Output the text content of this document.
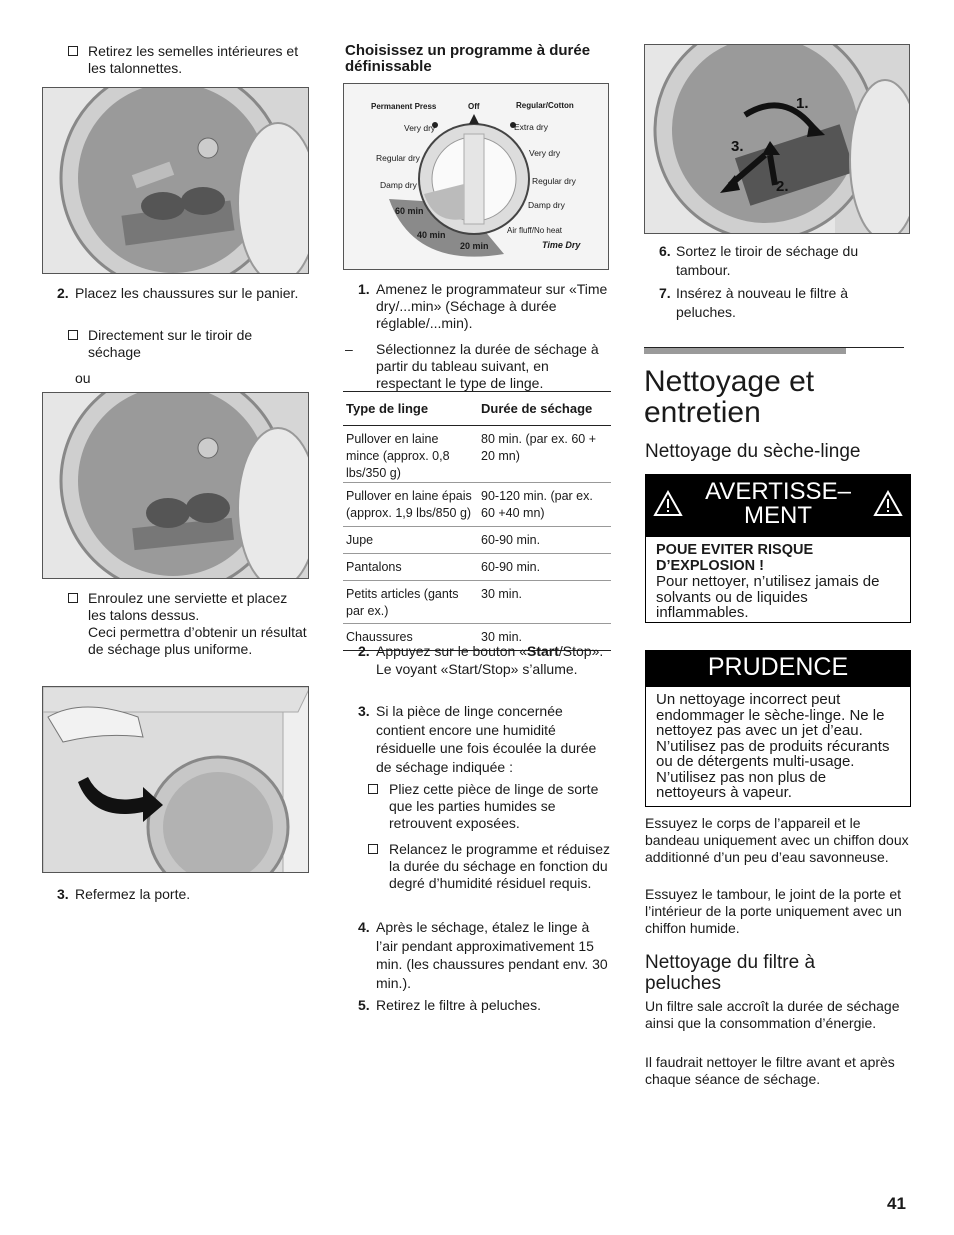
Retirez les semelles intérieures et les talonnettes.
2. Placez les chaussures sur le panier.
Directement sur le tiroir de séchage
ou
Enroulez une serviette et placez les talons dessus.
Ceci permettra d’obtenir un résultat de séchage plus uniforme.
3. Refermez la porte.
Choisissez un programme à durée définissable
Permanent Press	Off	Regular/Cotton
Very dry	Extra dry
Regular dry	Very dry
Damp dry	Regular dry
Damp dry
60 min
40 min
20 min
Air fluff/No heat
Time Dry
1. Amenez le programmateur sur «Time dry/...min» (Séchage à durée réglable/...min).
– Sélectionnez la durée de séchage à partir du tableau suivant, en respectant le type de linge.
Type de linge	Durée de séchage
Pullover en laine mince (approx. 0,8 lbs/350 g)	80 min. (par ex. 60 + 20 mn)
Pullover en laine épais (approx. 1,9 lbs/850 g)	90-120 min. (par ex. 60 +40 mn)
Jupe	60-90 min.
Pantalons	60-90 min.
Petits articles (gants par ex.)	30 min.
Chaussures	30 min.
2. Appuyez sur le bouton «Start/Stop». Le voyant «Start/Stop» s’allume.
3. Si la pièce de linge concernée contient encore une humidité résiduelle une fois écoulée la durée de séchage indiquée :
Pliez cette pièce de linge de sorte que les parties humides se retrouvent exposées.
Relancez le programme et réduisez la durée du séchage en fonction du degré d’humidité résiduel requis.
4. Après le séchage, étalez le linge à l’air pendant approximativement 15 min. (les chaussures pendant env. 30 min.).
5. Retirez le filtre à peluches.
1.
3.
2.
6. Sortez le tiroir de séchage du tambour.
7. Insérez à nouveau le filtre à peluches.
Nettoyage et entretien
Nettoyage du sèche-linge
AVERTISSE– MENT
POUE EVITER RISQUE D’EXPLOSION !
Pour nettoyer, n’utilisez jamais de solvants ou de liquides inflammables.
PRUDENCE
Un nettoyage incorrect peut endommager le sèche-linge. Ne le nettoyez pas avec un jet d’eau. N’utilisez pas de produits récurants ou de détergents multi-usage. N’utilisez pas non plus de nettoyeurs à vapeur.
Essuyez le corps de l’appareil et le bandeau uniquement avec un chiffon doux additionné d’un peu d’eau savonneuse.
Essuyez le tambour, le joint de la porte et l’intérieur de la porte uniquement avec un chiffon humide.
Nettoyage du filtre à peluches
Un filtre sale accroît la durée de séchage ainsi que la consommation d’énergie.
Il faudrait nettoyer le filtre avant et après chaque séance de séchage.
41
